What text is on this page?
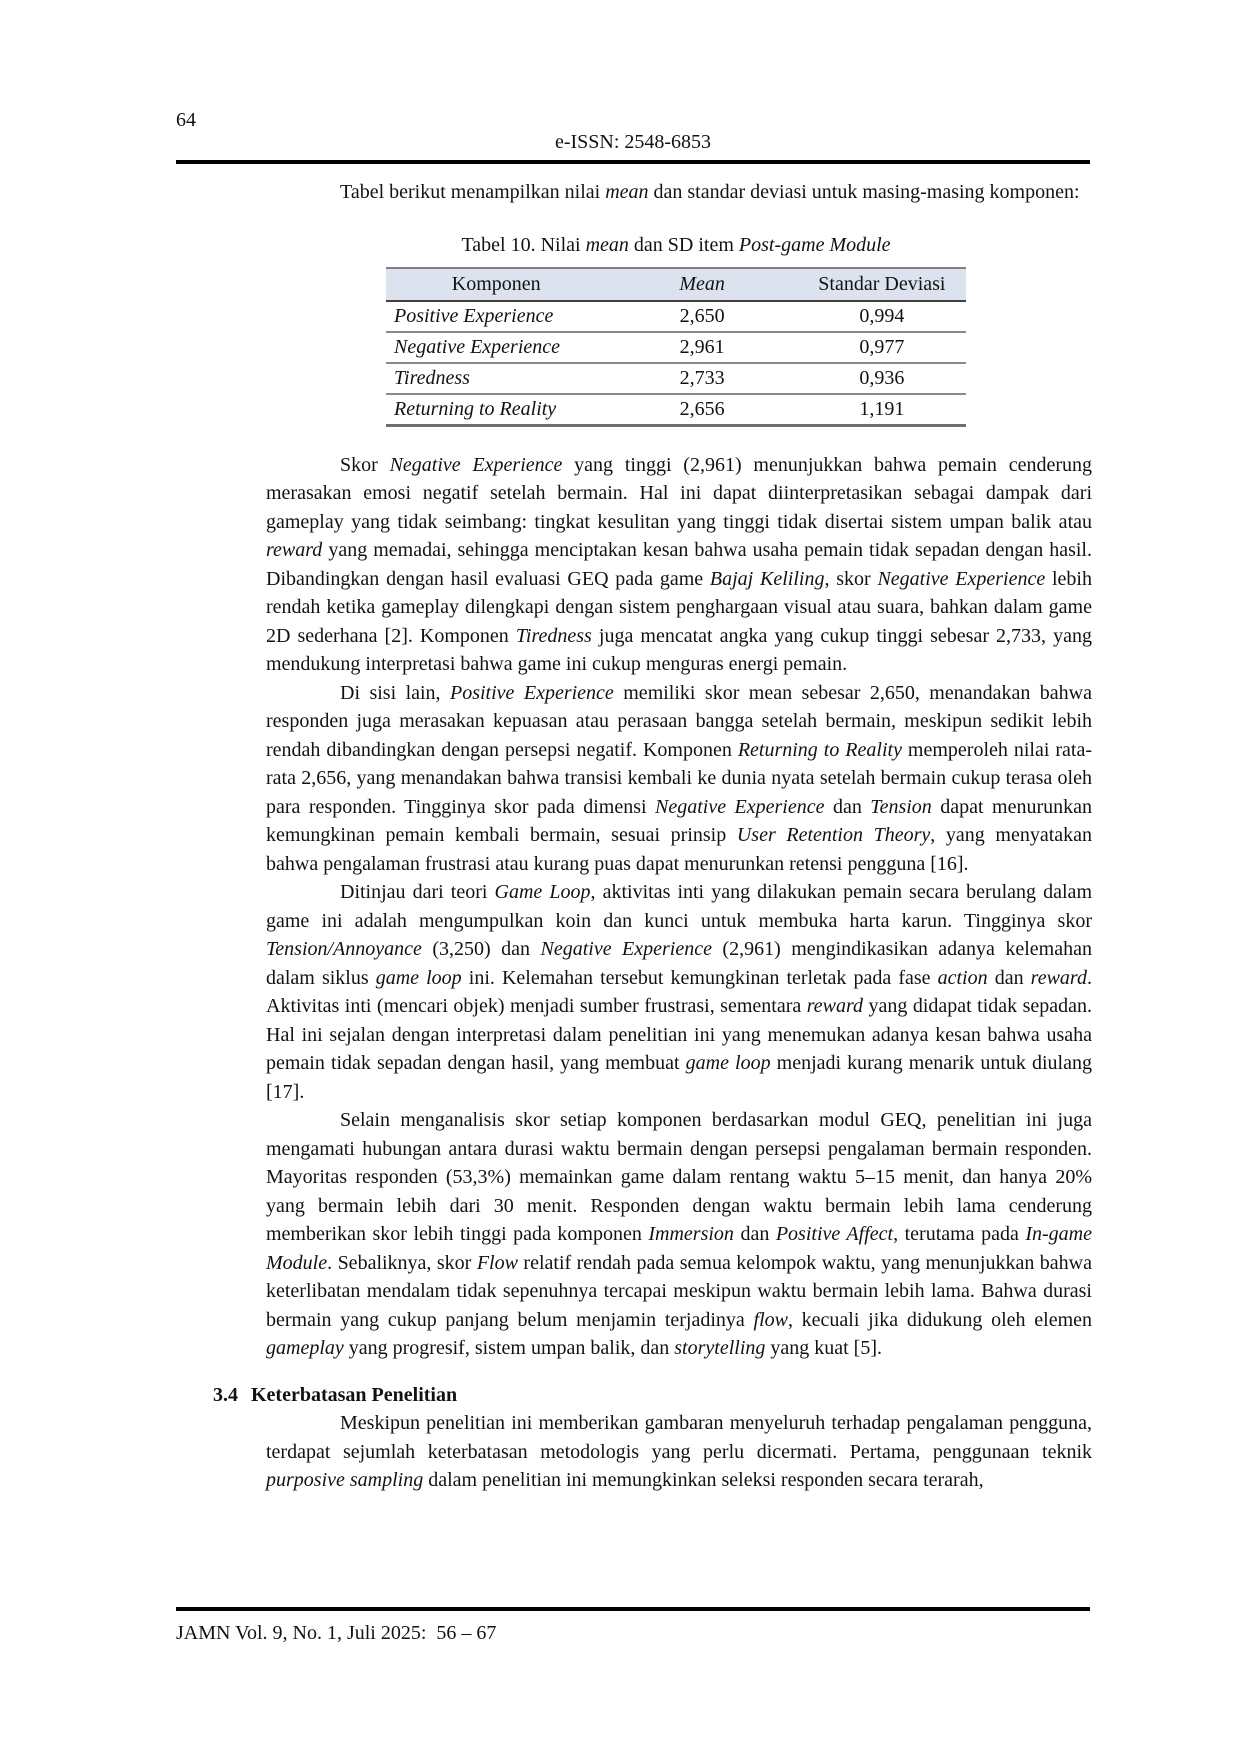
64
e-ISSN: 2548-6853

Tabel berikut menampilkan nilai mean dan standar deviasi untuk masing-masing komponen:

Tabel 10. Nilai mean dan SD item Post-game Module
Komponen	Mean	Standar Deviasi
Positive Experience	2,650	0,994
Negative Experience	2,961	0,977
Tiredness	2,733	0,936
Returning to Reality	2,656	1,191

Skor Negative Experience yang tinggi (2,961) menunjukkan bahwa pemain cenderung merasakan emosi negatif setelah bermain. Hal ini dapat diinterpretasikan sebagai dampak dari gameplay yang tidak seimbang: tingkat kesulitan yang tinggi tidak disertai sistem umpan balik atau reward yang memadai, sehingga menciptakan kesan bahwa usaha pemain tidak sepadan dengan hasil. Dibandingkan dengan hasil evaluasi GEQ pada game Bajaj Keliling, skor Negative Experience lebih rendah ketika gameplay dilengkapi dengan sistem penghargaan visual atau suara, bahkan dalam game 2D sederhana [2]. Komponen Tiredness juga mencatat angka yang cukup tinggi sebesar 2,733, yang mendukung interpretasi bahwa game ini cukup menguras energi pemain.

Di sisi lain, Positive Experience memiliki skor mean sebesar 2,650, menandakan bahwa responden juga merasakan kepuasan atau perasaan bangga setelah bermain, meskipun sedikit lebih rendah dibandingkan dengan persepsi negatif. Komponen Returning to Reality memperoleh nilai rata-rata 2,656, yang menandakan bahwa transisi kembali ke dunia nyata setelah bermain cukup terasa oleh para responden. Tingginya skor pada dimensi Negative Experience dan Tension dapat menurunkan kemungkinan pemain kembali bermain, sesuai prinsip User Retention Theory, yang menyatakan bahwa pengalaman frustrasi atau kurang puas dapat menurunkan retensi pengguna [16].

Ditinjau dari teori Game Loop, aktivitas inti yang dilakukan pemain secara berulang dalam game ini adalah mengumpulkan koin dan kunci untuk membuka harta karun. Tingginya skor Tension/Annoyance (3,250) dan Negative Experience (2,961) mengindikasikan adanya kelemahan dalam siklus game loop ini. Kelemahan tersebut kemungkinan terletak pada fase action dan reward. Aktivitas inti (mencari objek) menjadi sumber frustrasi, sementara reward yang didapat tidak sepadan. Hal ini sejalan dengan interpretasi dalam penelitian ini yang menemukan adanya kesan bahwa usaha pemain tidak sepadan dengan hasil, yang membuat game loop menjadi kurang menarik untuk diulang [17].

Selain menganalisis skor setiap komponen berdasarkan modul GEQ, penelitian ini juga mengamati hubungan antara durasi waktu bermain dengan persepsi pengalaman bermain responden. Mayoritas responden (53,3%) memainkan game dalam rentang waktu 5–15 menit, dan hanya 20% yang bermain lebih dari 30 menit. Responden dengan waktu bermain lebih lama cenderung memberikan skor lebih tinggi pada komponen Immersion dan Positive Affect, terutama pada In-game Module. Sebaliknya, skor Flow relatif rendah pada semua kelompok waktu, yang menunjukkan bahwa keterlibatan mendalam tidak sepenuhnya tercapai meskipun waktu bermain lebih lama. Bahwa durasi bermain yang cukup panjang belum menjamin terjadinya flow, kecuali jika didukung oleh elemen gameplay yang progresif, sistem umpan balik, dan storytelling yang kuat [5].

3.4 Keterbatasan Penelitian

Meskipun penelitian ini memberikan gambaran menyeluruh terhadap pengalaman pengguna, terdapat sejumlah keterbatasan metodologis yang perlu dicermati. Pertama, penggunaan teknik purposive sampling dalam penelitian ini memungkinkan seleksi responden secara terarah,

JAMN Vol. 9, No. 1, Juli 2025:  56 – 67
